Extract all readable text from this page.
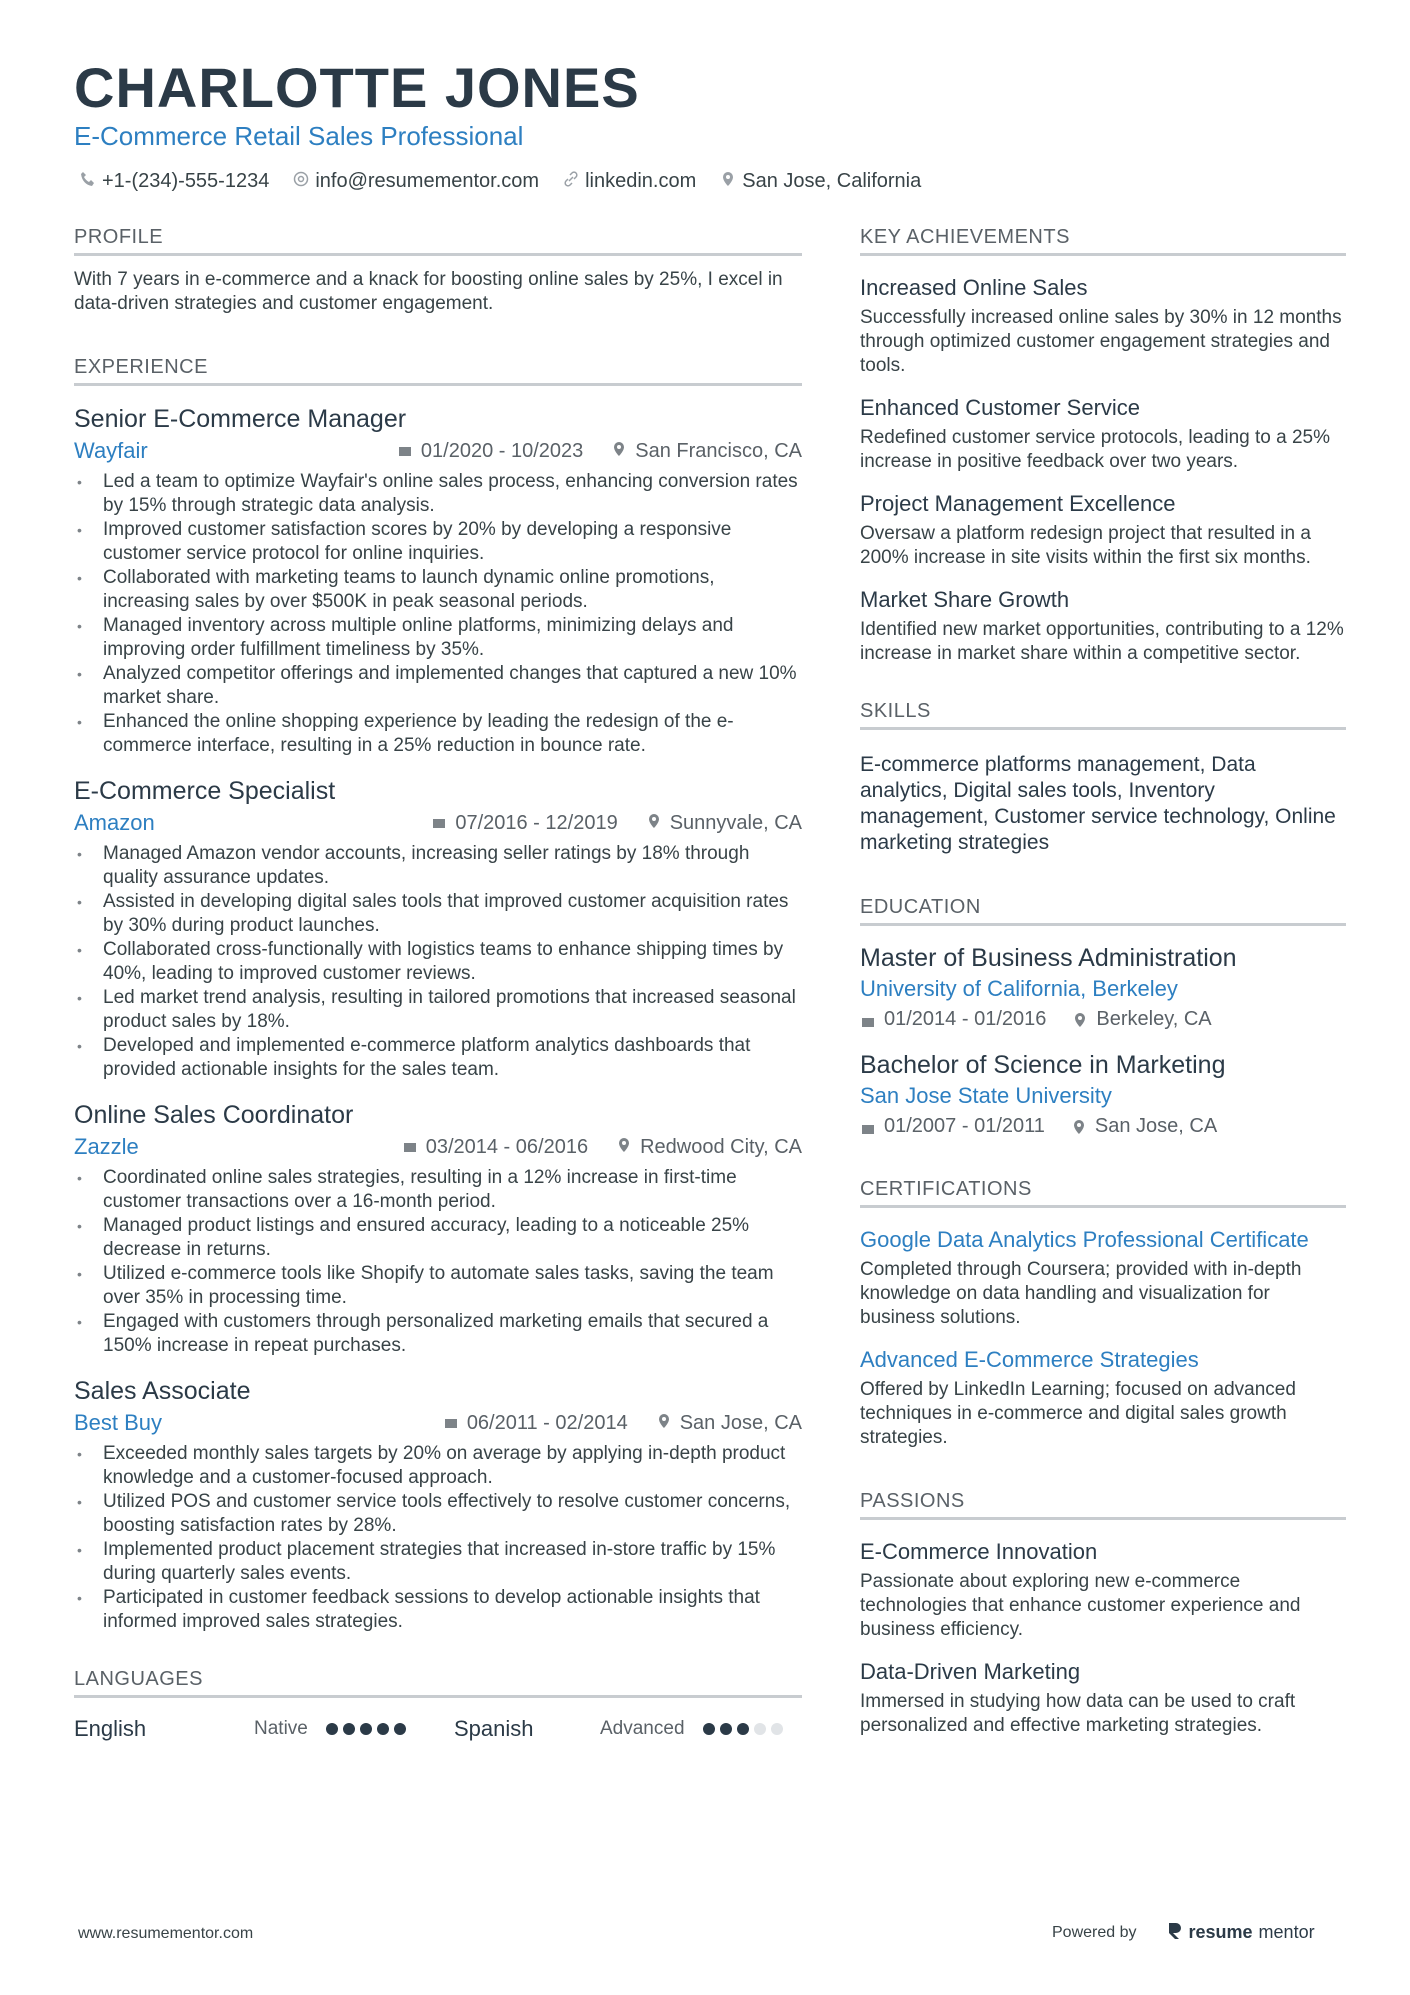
CHARLOTTE JONES
E-Commerce Retail Sales Professional
+1-(234)-555-1234 info@resumementor.com linkedin.com San Jose, California
PROFILE
With 7 years in e-commerce and a knack for boosting online sales by 25%, I excel in data-driven strategies and customer engagement.
EXPERIENCE
Senior E-Commerce Manager
Wayfair	01/2020 - 10/2023	San Francisco, CA
• Led a team to optimize Wayfair's online sales process, enhancing conversion rates by 15% through strategic data analysis.
• Improved customer satisfaction scores by 20% by developing a responsive customer service protocol for online inquiries.
• Collaborated with marketing teams to launch dynamic online promotions, increasing sales by over $500K in peak seasonal periods.
• Managed inventory across multiple online platforms, minimizing delays and improving order fulfillment timeliness by 35%.
• Analyzed competitor offerings and implemented changes that captured a new 10% market share.
• Enhanced the online shopping experience by leading the redesign of the e-commerce interface, resulting in a 25% reduction in bounce rate.
E-Commerce Specialist
Amazon	07/2016 - 12/2019	Sunnyvale, CA
• Managed Amazon vendor accounts, increasing seller ratings by 18% through quality assurance updates.
• Assisted in developing digital sales tools that improved customer acquisition rates by 30% during product launches.
• Collaborated cross-functionally with logistics teams to enhance shipping times by 40%, leading to improved customer reviews.
• Led market trend analysis, resulting in tailored promotions that increased seasonal product sales by 18%.
• Developed and implemented e-commerce platform analytics dashboards that provided actionable insights for the sales team.
Online Sales Coordinator
Zazzle	03/2014 - 06/2016	Redwood City, CA
• Coordinated online sales strategies, resulting in a 12% increase in first-time customer transactions over a 16-month period.
• Managed product listings and ensured accuracy, leading to a noticeable 25% decrease in returns.
• Utilized e-commerce tools like Shopify to automate sales tasks, saving the team over 35% in processing time.
• Engaged with customers through personalized marketing emails that secured a 150% increase in repeat purchases.
Sales Associate
Best Buy	06/2011 - 02/2014	San Jose, CA
• Exceeded monthly sales targets by 20% on average by applying in-depth product knowledge and a customer-focused approach.
• Utilized POS and customer service tools effectively to resolve customer concerns, boosting satisfaction rates by 28%.
• Implemented product placement strategies that increased in-store traffic by 15% during quarterly sales events.
• Participated in customer feedback sessions to develop actionable insights that informed improved sales strategies.
LANGUAGES
English	Native	Spanish	Advanced
KEY ACHIEVEMENTS
Increased Online Sales
Successfully increased online sales by 30% in 12 months through optimized customer engagement strategies and tools.
Enhanced Customer Service
Redefined customer service protocols, leading to a 25% increase in positive feedback over two years.
Project Management Excellence
Oversaw a platform redesign project that resulted in a 200% increase in site visits within the first six months.
Market Share Growth
Identified new market opportunities, contributing to a 12% increase in market share within a competitive sector.
SKILLS
E-commerce platforms management, Data analytics, Digital sales tools, Inventory management, Customer service technology, Online marketing strategies
EDUCATION
Master of Business Administration
University of California, Berkeley
01/2014 - 01/2016	Berkeley, CA
Bachelor of Science in Marketing
San Jose State University
01/2007 - 01/2011	San Jose, CA
CERTIFICATIONS
Google Data Analytics Professional Certificate
Completed through Coursera; provided with in-depth knowledge on data handling and visualization for business solutions.
Advanced E-Commerce Strategies
Offered by LinkedIn Learning; focused on advanced techniques in e-commerce and digital sales growth strategies.
PASSIONS
E-Commerce Innovation
Passionate about exploring new e-commerce technologies that enhance customer experience and business efficiency.
Data-Driven Marketing
Immersed in studying how data can be used to craft personalized and effective marketing strategies.
www.resumementor.com	Powered by	resume mentor
